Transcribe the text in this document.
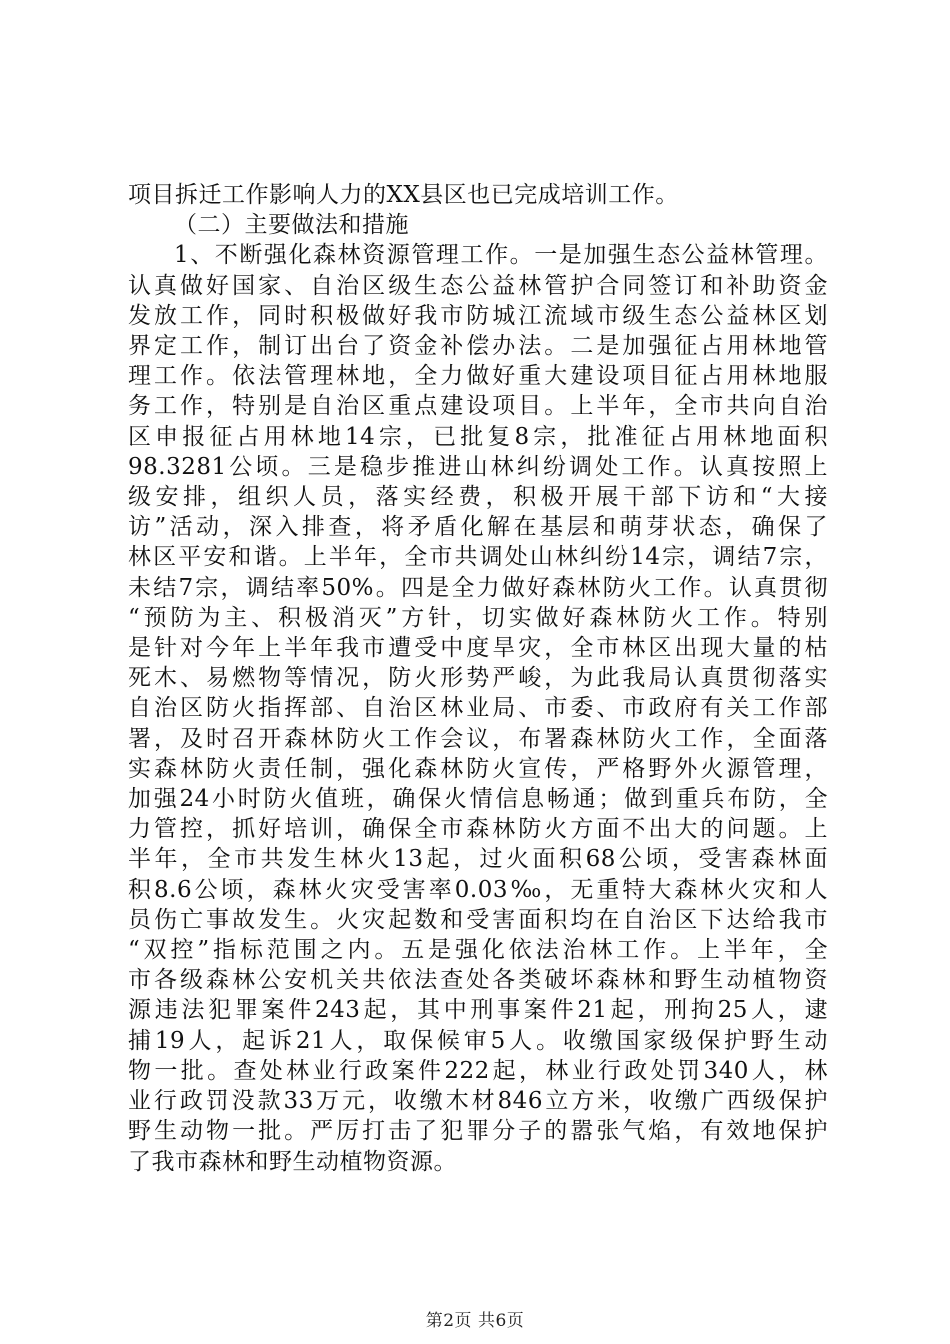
项目拆迁工作影响人力的XX县区也已完成培训工作。

（二）主要做法和措施

1、不断强化森林资源管理工作。一是加强生态公益林管理。
认真做好国家、自治区级生态公益林管护合同签订和补助资金
发放工作，同时积极做好我市防城江流域市级生态公益林区划
界定工作，制订出台了资金补偿办法。二是加强征占用林地管
理工作。依法管理林地，全力做好重大建设项目征占用林地服
务工作，特别是自治区重点建设项目。上半年，全市共向自治
区申报征占用林地14宗，已批复8宗，批准征占用林地面积
98.3281公顷。三是稳步推进山林纠纷调处工作。认真按照上
级安排，组织人员，落实经费，积极开展干部下访和“大接
访”活动，深入排查，将矛盾化解在基层和萌芽状态，确保了
林区平安和谐。上半年，全市共调处山林纠纷14宗，调结7宗，
未结7宗，调结率50%。四是全力做好森林防火工作。认真贯彻
“预防为主、积极消灭”方针，切实做好森林防火工作。特别
是针对今年上半年我市遭受中度旱灾，全市林区出现大量的枯
死木、易燃物等情况，防火形势严峻，为此我局认真贯彻落实
自治区防火指挥部、自治区林业局、市委、市政府有关工作部
署，及时召开森林防火工作会议，布署森林防火工作，全面落
实森林防火责任制，强化森林防火宣传，严格野外火源管理，
加强24小时防火值班，确保火情信息畅通；做到重兵布防，全
力管控，抓好培训，确保全市森林防火方面不出大的问题。上
半年，全市共发生林火13起，过火面积68公顷，受害森林面
积8.6公顷，森林火灾受害率0.03‰，无重特大森林火灾和人
员伤亡事故发生。火灾起数和受害面积均在自治区下达给我市
“双控”指标范围之内。五是强化依法治林工作。上半年，全
市各级森林公安机关共依法查处各类破坏森林和野生动植物资
源违法犯罪案件243起，其中刑事案件21起，刑拘25人，逮
捕19人，起诉21人，取保候审5人。收缴国家级保护野生动
物一批。查处林业行政案件222起，林业行政处罚340人，林
业行政罚没款33万元，收缴木材846立方米，收缴广西级保护
野生动物一批。严厉打击了犯罪分子的嚣张气焰，有效地保护
了我市森林和野生动植物资源。

第2页 共6页
